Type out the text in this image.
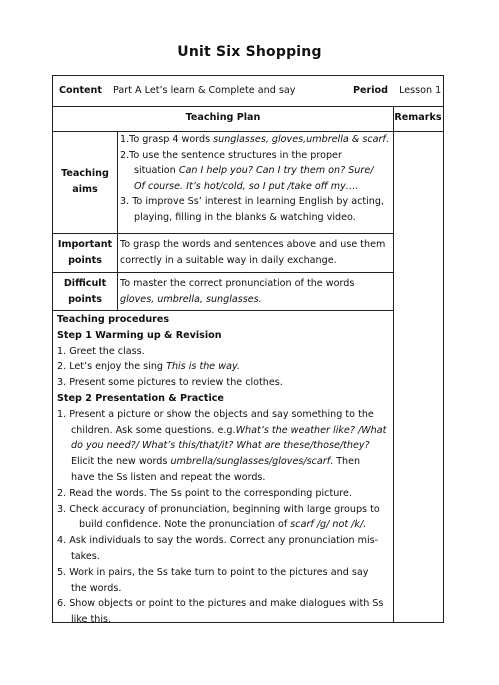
Unit Six Shopping
Content Part A Let’s learn & Complete and say	Period Lesson 1
Teaching Plan	Remarks
Teaching
aims
1.To grasp 4 words sunglasses, gloves,umbrella & scarf.
2.To use the sentence structures in the proper
situation Can I help you? Can I try them on? Sure/
Of course. It’s hot/cold, so I put /take off my….
3. To improve Ss’ interest in learning English by acting,
playing, filling in the blanks & watching video.
Important
points
To grasp the words and sentences above and use them
correctly in a suitable way in daily exchange.
Difficult
points
To master the correct pronunciation of the words
gloves, umbrella, sunglasses.
Teaching procedures
Step 1 Warming up & Revision
1. Greet the class.
2. Let’s enjoy the sing This is the way.
3. Present some pictures to review the clothes.
Step 2 Presentation & Practice
1. Present a picture or show the objects and say something to the
children. Ask some questions. e.g.What’s the weather like? /What
do you need?/ What’s this/that/it? What are these/those/they?
Elicit the new words umbrella/sunglasses/gloves/scarf. Then
have the Ss listen and repeat the words.
2. Read the words. The Ss point to the corresponding picture.
3. Check accuracy of pronunciation, beginning with large groups to
build confidence. Note the pronunciation of scarf /g/ not /k/.
4. Ask individuals to say the words. Correct any pronunciation mis-
takes.
5. Work in pairs, the Ss take turn to point to the pictures and say
the words.
6. Show objects or point to the pictures and make dialogues with Ss
like this.
